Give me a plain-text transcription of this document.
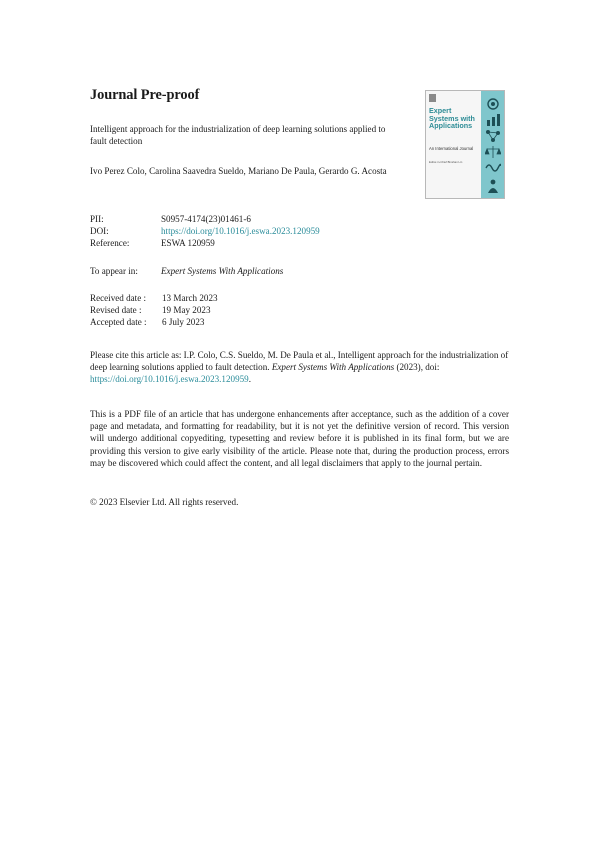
Journal Pre-proof
Intelligent approach for the industrialization of deep learning solutions applied to fault detection
Ivo Perez Colo, Carolina Saavedra Sueldo, Mariano De Paula, Gerardo G. Acosta
Expert Systems with Applications
An International Journal
Editor-in-Chief Binshan Lin
PII:	S0957-4174(23)01461-6
DOI:	https://doi.org/10.1016/j.eswa.2023.120959
Reference:	ESWA 120959
To appear in:	Expert Systems With Applications
Received date : 13 March 2023
Revised date : 19 May 2023
Accepted date : 6 July 2023
Please cite this article as: I.P. Colo, C.S. Sueldo, M. De Paula et al., Intelligent approach for the industrialization of deep learning solutions applied to fault detection. Expert Systems With Applications (2023), doi: https://doi.org/10.1016/j.eswa.2023.120959.
This is a PDF file of an article that has undergone enhancements after acceptance, such as the addition of a cover page and metadata, and formatting for readability, but it is not yet the definitive version of record. This version will undergo additional copyediting, typesetting and review before it is published in its final form, but we are providing this version to give early visibility of the article. Please note that, during the production process, errors may be discovered which could affect the content, and all legal disclaimers that apply to the journal pertain.
© 2023 Elsevier Ltd. All rights reserved.
